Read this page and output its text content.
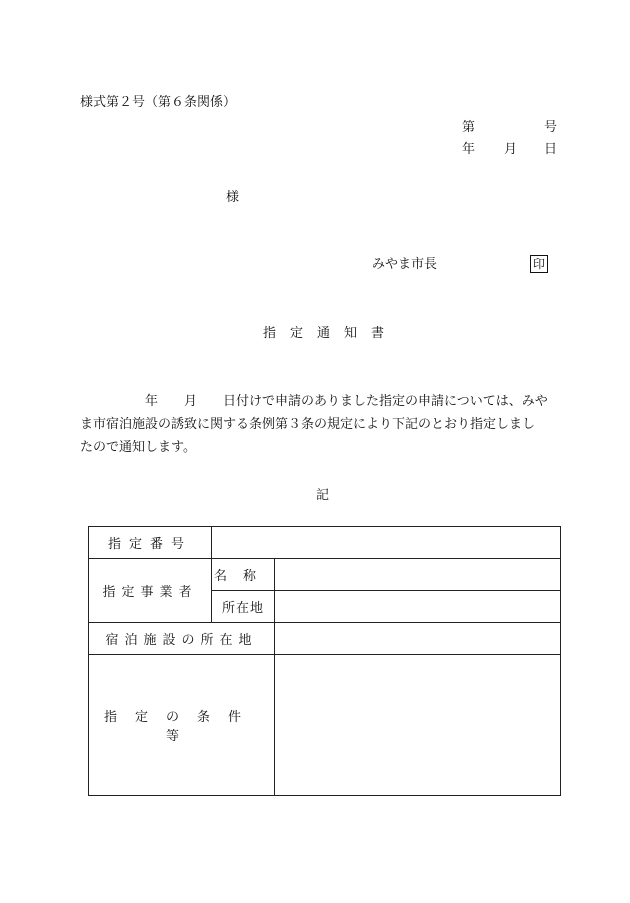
様式第２号（第６条関係）
第	号
年 月 日
様
みやま市長	印
指定通知書
　　　　　年　　月　　日付けで申請のありました指定の申請については、みや
ま市宿泊施設の誘致に関する条例第３条の規定により下記のとおり指定しまし
たので通知します。
記
指定番号		
指定事業者	名称	
	所在地	
宿泊施設の所在地		
指定の条件等		
